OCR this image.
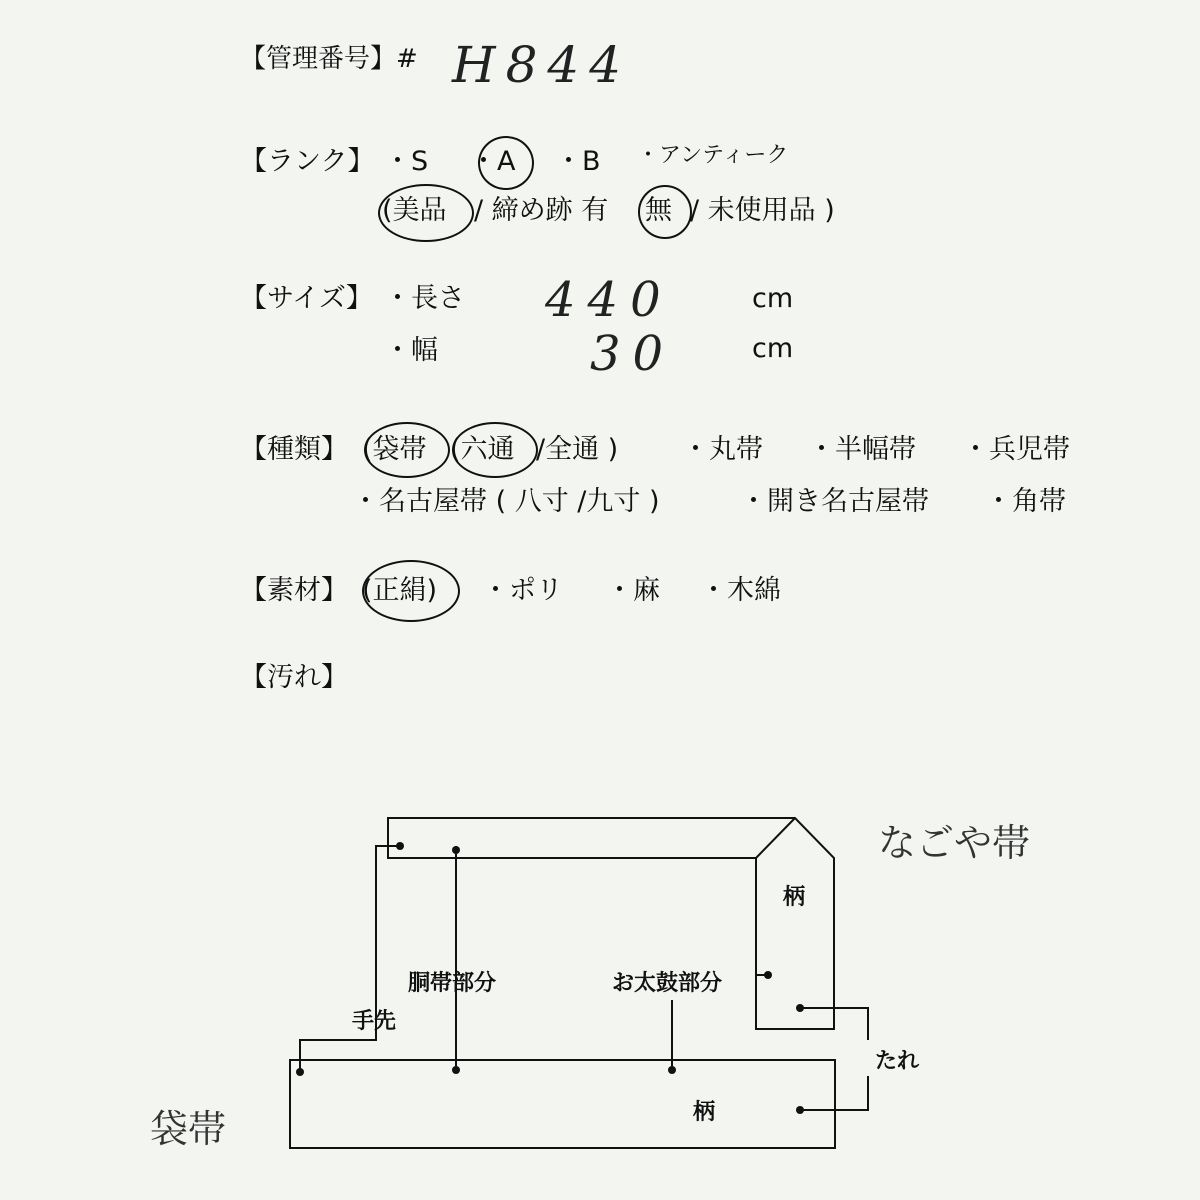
【管理番号】# H844
【ランク】 ・S ・A ・B ・アンティーク
(美品 / 締め跡 有 無 / 未使用品 )
【サイズ】 ・長さ 440	cm
・幅	30	cm
【種類】 (袋帯 (六通 /全通 ) ・丸帯 ・半幅帯 ・兵児帯
・名古屋帯 ( 八寸 /九寸 )	・開き名古屋帯 ・角帯
【素材】 (正絹) ・ポリ ・麻 ・木綿
【汚れ】
なごや帯
袋帯
柄
胴帯部分	お太鼓部分
手先
たれ
柄
